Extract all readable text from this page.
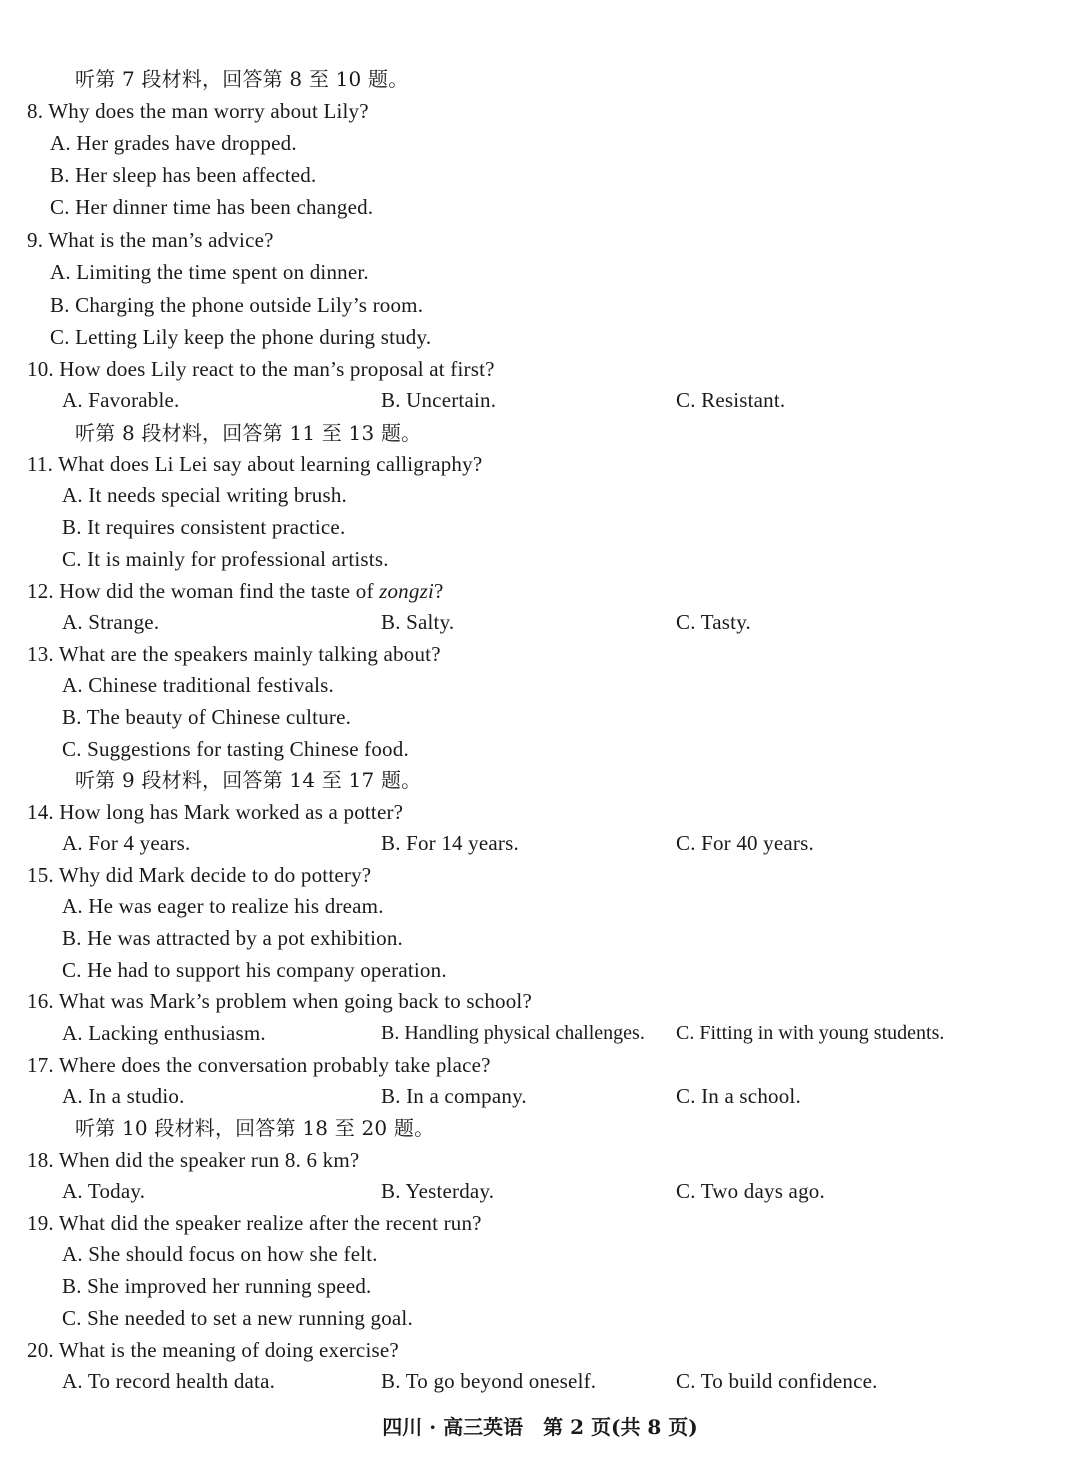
听第 7 段材料，回答第 8 至 10 题。
8. Why does the man worry about Lily?
A. Her grades have dropped.
B. Her sleep has been affected.
C. Her dinner time has been changed.
9. What is the man’s advice?
A. Limiting the time spent on dinner.
B. Charging the phone outside Lily’s room.
C. Letting Lily keep the phone during study.
10. How does Lily react to the man’s proposal at first?
A. Favorable.	B. Uncertain.	C. Resistant.
听第 8 段材料，回答第 11 至 13 题。
11. What does Li Lei say about learning calligraphy?
A. It needs special writing brush.
B. It requires consistent practice.
C. It is mainly for professional artists.
12. How did the woman find the taste of zongzi?
A. Strange.	B. Salty.	C. Tasty.
13. What are the speakers mainly talking about?
A. Chinese traditional festivals.
B. The beauty of Chinese culture.
C. Suggestions for tasting Chinese food.
听第 9 段材料，回答第 14 至 17 题。
14. How long has Mark worked as a potter?
A. For 4 years.	B. For 14 years.	C. For 40 years.
15. Why did Mark decide to do pottery?
A. He was eager to realize his dream.
B. He was attracted by a pot exhibition.
C. He had to support his company operation.
16. What was Mark’s problem when going back to school?
A. Lacking enthusiasm.	B. Handling physical challenges. C. Fitting in with young students.
17. Where does the conversation probably take place?
A. In a studio.	B. In a company.	C. In a school.
听第 10 段材料，回答第 18 至 20 题。
18. When did the speaker run 8. 6 km?
A. Today.	B. Yesterday.	C. Two days ago.
19. What did the speaker realize after the recent run?
A. She should focus on how she felt.
B. She improved her running speed.
C. She needed to set a new running goal.
20. What is the meaning of doing exercise?
A. To record health data.	B. To go beyond oneself.	C. To build confidence.
四川 · 高三英语　第 2 页(共 8 页)
